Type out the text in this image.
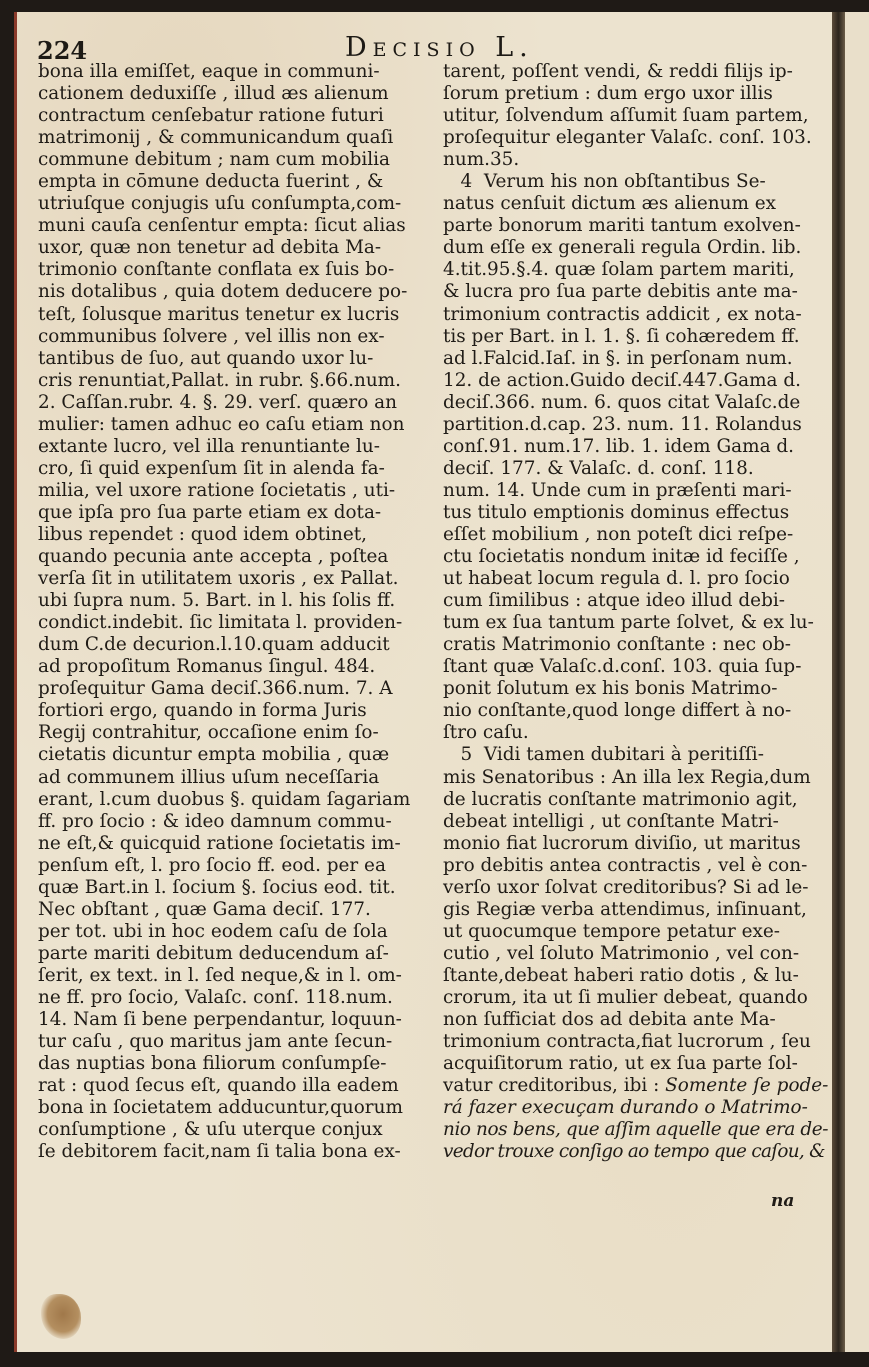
224	Decisio L.
bona illa emiſſet, eaque in communi-
cationem deduxiſſe , illud æs alienum
contractum cenſebatur ratione futuri
matrimonij , & communicandum quaſi
commune debitum ; nam cum mobilia
empta in cōmune deducta fuerint , &
utriuſque conjugis uſu conſumpta,com-
muni cauſa cenſentur empta: ſicut alias
uxor, quæ non tenetur ad debita Ma-
trimonio conſtante conflata ex ſuis bo-
nis dotalibus , quia dotem deducere po-
teſt, ſolusque maritus tenetur ex lucris
communibus ſolvere , vel illis non ex-
tantibus de ſuo, aut quando uxor lu-
cris renuntiat,Pallat. in rubr. §.66.num.
2. Caſſan.rubr. 4. §. 29. verſ. quæro an
mulier: tamen adhuc eo caſu etiam non
extante lucro, vel illa renuntiante lu-
cro, ſi quid expenſum ſit in alenda fa-
milia, vel uxore ratione ſocietatis , uti-
que ipſa pro ſua parte etiam ex dota-
libus rependet : quod idem obtinet,
quando pecunia ante accepta , poſtea
verſa ſit in utilitatem uxoris , ex Pallat.
ubi ſupra num. 5. Bart. in l. his ſolis ff.
condict.indebit. ſic limitata l. providen-
dum C.de decurion.l.10.quam adducit
ad propoſitum Romanus ſingul. 484.
proſequitur Gama deciſ.366.num. 7. A
fortiori ergo, quando in forma Juris
Regij contrahitur, occaſione enim ſo-
cietatis dicuntur empta mobilia , quæ
ad communem illius uſum neceſſaria
erant, l.cum duobus §. quidam ſagariam
ff. pro ſocio : & ideo damnum commu-
ne eſt,& quicquid ratione ſocietatis im-
penſum eſt, l. pro ſocio ff. eod. per ea
quæ Bart.in l. ſocium §. ſocius eod. tit.
Nec obſtant , quæ Gama deciſ. 177.
per tot. ubi in hoc eodem caſu de ſola
parte mariti debitum deducendum aſ-
ſerit, ex text. in l. ſed neque,& in l. om-
ne ff. pro ſocio, Valaſc. conſ. 118.num.
14. Nam ſi bene perpendantur, loquun-
tur caſu , quo maritus jam ante ſecun-
das nuptias bona filiorum conſumpſe-
rat : quod ſecus eſt, quando illa eadem
bona in ſocietatem adducuntur,quorum
conſumptione , & uſu uterque conjux
ſe debitorem facit,nam ſi talia bona ex-
tarent, poſſent vendi, & reddi filijs ip-
ſorum pretium : dum ergo uxor illis
utitur, ſolvendum aſſumit ſuam partem,
proſequitur eleganter Valaſc. conſ. 103.
num.35.
4  Verum his non obſtantibus Se-
natus cenſuit dictum æs alienum ex
parte bonorum mariti tantum exolven-
dum eſſe ex generali regula Ordin. lib.
4.tit.95.§.4. quæ ſolam partem mariti,
& lucra pro ſua parte debitis ante ma-
trimonium contractis addicit , ex nota-
tis per Bart. in l. 1. §. ſi cohæredem ff.
ad l.Falcid.Iaſ. in §. in perſonam num.
12. de action.Guido deciſ.447.Gama d.
deciſ.366. num. 6. quos citat Valaſc.de
partition.d.cap. 23. num. 11. Rolandus
conſ.91. num.17. lib. 1. idem Gama d.
deciſ. 177. & Valaſc. d. conſ. 118.
num. 14. Unde cum in præſenti mari-
tus titulo emptionis dominus effectus
eſſet mobilium , non poteſt dici reſpe-
ctu ſocietatis nondum initæ id feciſſe ,
ut habeat locum regula d. l. pro ſocio
cum ſimilibus : atque ideo illud debi-
tum ex ſua tantum parte ſolvet, & ex lu-
cratis Matrimonio conſtante : nec ob-
ſtant quæ Valaſc.d.conſ. 103. quia ſup-
ponit ſolutum ex his bonis Matrimo-
nio conſtante,quod longe differt à no-
ſtro caſu.
5  Vidi tamen dubitari à peritiſſi-
mis Senatoribus : An illa lex Regia,dum
de lucratis conſtante matrimonio agit,
debeat intelligi , ut conſtante Matri-
monio fiat lucrorum diviſio, ut maritus
pro debitis antea contractis , vel è con-
verſo uxor ſolvat creditoribus? Si ad le-
gis Regiæ verba attendimus, inſinuant,
ut quocumque tempore petatur exe-
cutio , vel ſoluto Matrimonio , vel con-
ſtante,debeat haberi ratio dotis , & lu-
crorum, ita ut ſi mulier debeat, quando
non ſufficiat dos ad debita ante Ma-
trimonium contracta,fiat lucrorum , ſeu
acquiſitorum ratio, ut ex ſua parte ſol-
vatur creditoribus, ibi : Somente ſe pode-
rá fazer execuçam durando o Matrimo-
nio nos bens, que aſſim aquelle que era de-
vedor trouxe conſigo ao tempo que caſou, &
na
